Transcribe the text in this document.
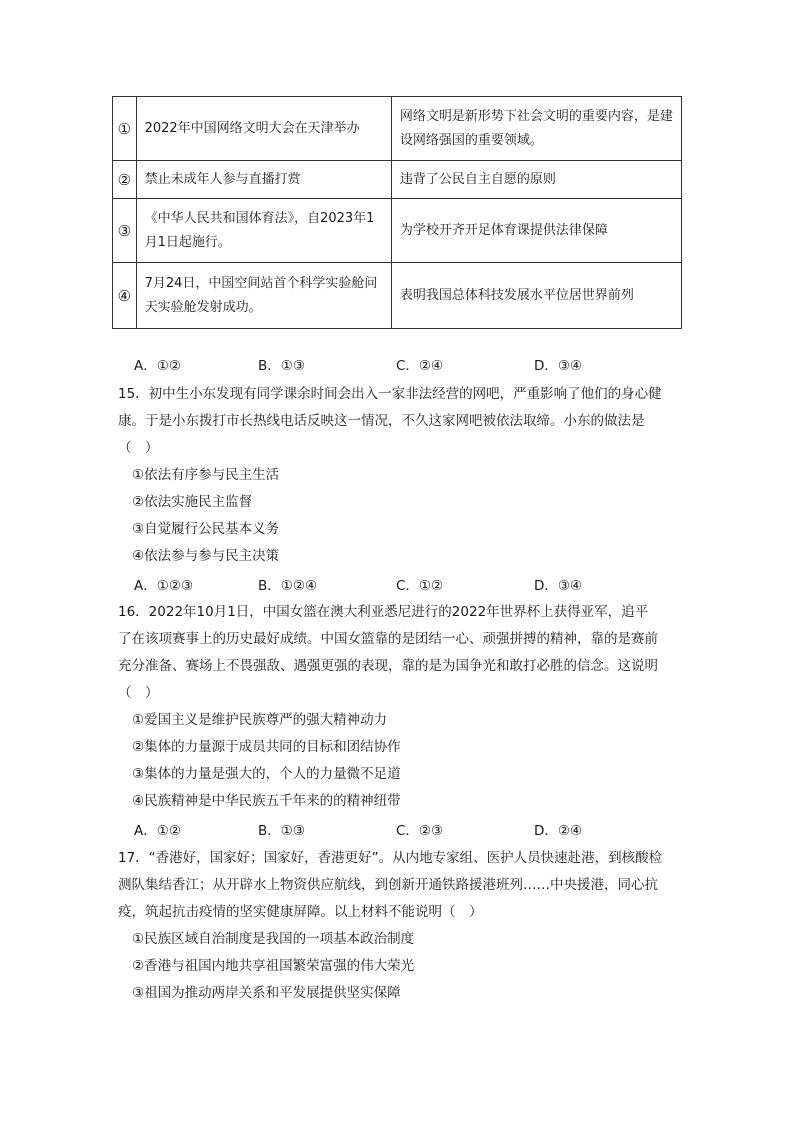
①	2022年中国网络文明大会在天津举办	网络文明是新形势下社会文明的重要内容，是建设网络强国的重要领域。
②	禁止未成年人参与直播打赏	违背了公民自主自愿的原则
③	《中华人民共和国体育法》，自2023年1月1日起施行。	为学校开齐开足体育课提供法律保障
④	7月24日，中国空间站首个科学实验舱问天实验舱发射成功。	表明我国总体科技发展水平位居世界前列
A．①②	B．①③	C．②④	D．③④

15．初中生小东发现有同学课余时间会出入一家非法经营的网吧，严重影响了他们的身心健

康。于是小东拨打市长热线电话反映这一情况，不久这家网吧被依法取缔。小东的做法是

（　）

①依法有序参与民主生活

②依法实施民主监督

③自觉履行公民基本义务

④依法参与参与民主决策

A．①②③	B．①②④	C．①②	D．③④

16．2022年10月1日，中国女篮在澳大利亚悉尼进行的2022年世界杯上获得亚军，追平

了在该项赛事上的历史最好成绩。中国女篮靠的是团结一心、顽强拼搏的精神，靠的是赛前

充分准备、赛场上不畏强敌、遇强更强的表现，靠的是为国争光和敢打必胜的信念。这说明

（　）

①爱国主义是维护民族尊严的强大精神动力

②集体的力量源于成员共同的目标和团结协作

③集体的力量是强大的，个人的力量微不足道

④民族精神是中华民族五千年来的的精神纽带

A．①②	B．①③	C．②③	D．②④

17．“香港好，国家好；国家好，香港更好”。从内地专家组、医护人员快速赴港，到核酸检

测队集结香江；从开辟水上物资供应航线，到创新开通铁路援港班列……中央援港，同心抗

疫，筑起抗击疫情的坚实健康屏障。以上材料不能说明（　）

①民族区域自治制度是我国的一项基本政治制度

②香港与祖国内地共享祖国繁荣富强的伟大荣光

③祖国为推动两岸关系和平发展提供坚实保障
